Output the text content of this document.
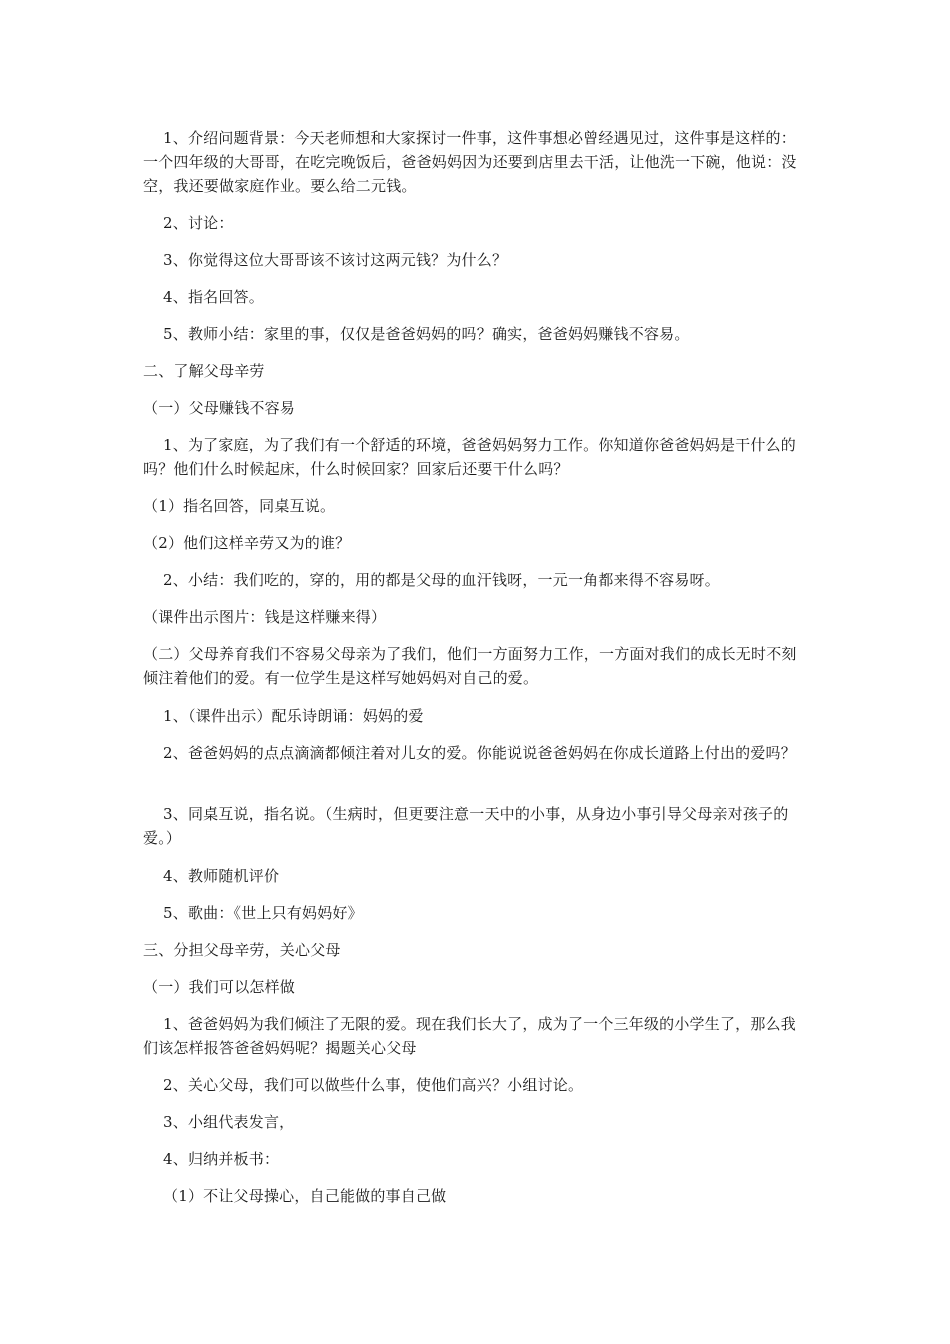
1、介绍问题背景：今天老师想和大家探讨一件事，这件事想必曾经遇见过，这件事是这样的：一个四年级的大哥哥，在吃完晚饭后，爸爸妈妈因为还要到店里去干活，让他洗一下碗，他说：没空，我还要做家庭作业。要么给二元钱。

2、讨论：

3、你觉得这位大哥哥该不该讨这两元钱？为什么？

4、指名回答。

5、教师小结：家里的事，仅仅是爸爸妈妈的吗？确实，爸爸妈妈赚钱不容易。

二、了解父母辛劳

（一）父母赚钱不容易

1、为了家庭，为了我们有一个舒适的环境，爸爸妈妈努力工作。你知道你爸爸妈妈是干什么的吗？他们什么时候起床，什么时候回家？回家后还要干什么吗？

（1）指名回答，同桌互说。

（2）他们这样辛劳又为的谁？

2、小结：我们吃的，穿的，用的都是父母的血汗钱呀，一元一角都来得不容易呀。

（课件出示图片：钱是这样赚来得）

（二）父母养育我们不容易父母亲为了我们，他们一方面努力工作，一方面对我们的成长无时不刻倾注着他们的爱。有一位学生是这样写她妈妈对自己的爱。

1、（课件出示）配乐诗朗诵：妈妈的爱

2、爸爸妈妈的点点滴滴都倾注着对儿女的爱。你能说说爸爸妈妈在你成长道路上付出的爱吗？

3、同桌互说，指名说。（生病时，但更要注意一天中的小事，从身边小事引导父母亲对孩子的爱。）

4、教师随机评价

5、歌曲：《世上只有妈妈好》

三、分担父母辛劳，关心父母

（一）我们可以怎样做

1、爸爸妈妈为我们倾注了无限的爱。现在我们长大了，成为了一个三年级的小学生了，那么我们该怎样报答爸爸妈妈呢？揭题关心父母

2、关心父母，我们可以做些什么事，使他们高兴？小组讨论。

3、小组代表发言，

4、归纳并板书：

（1）不让父母操心，自己能做的事自己做
